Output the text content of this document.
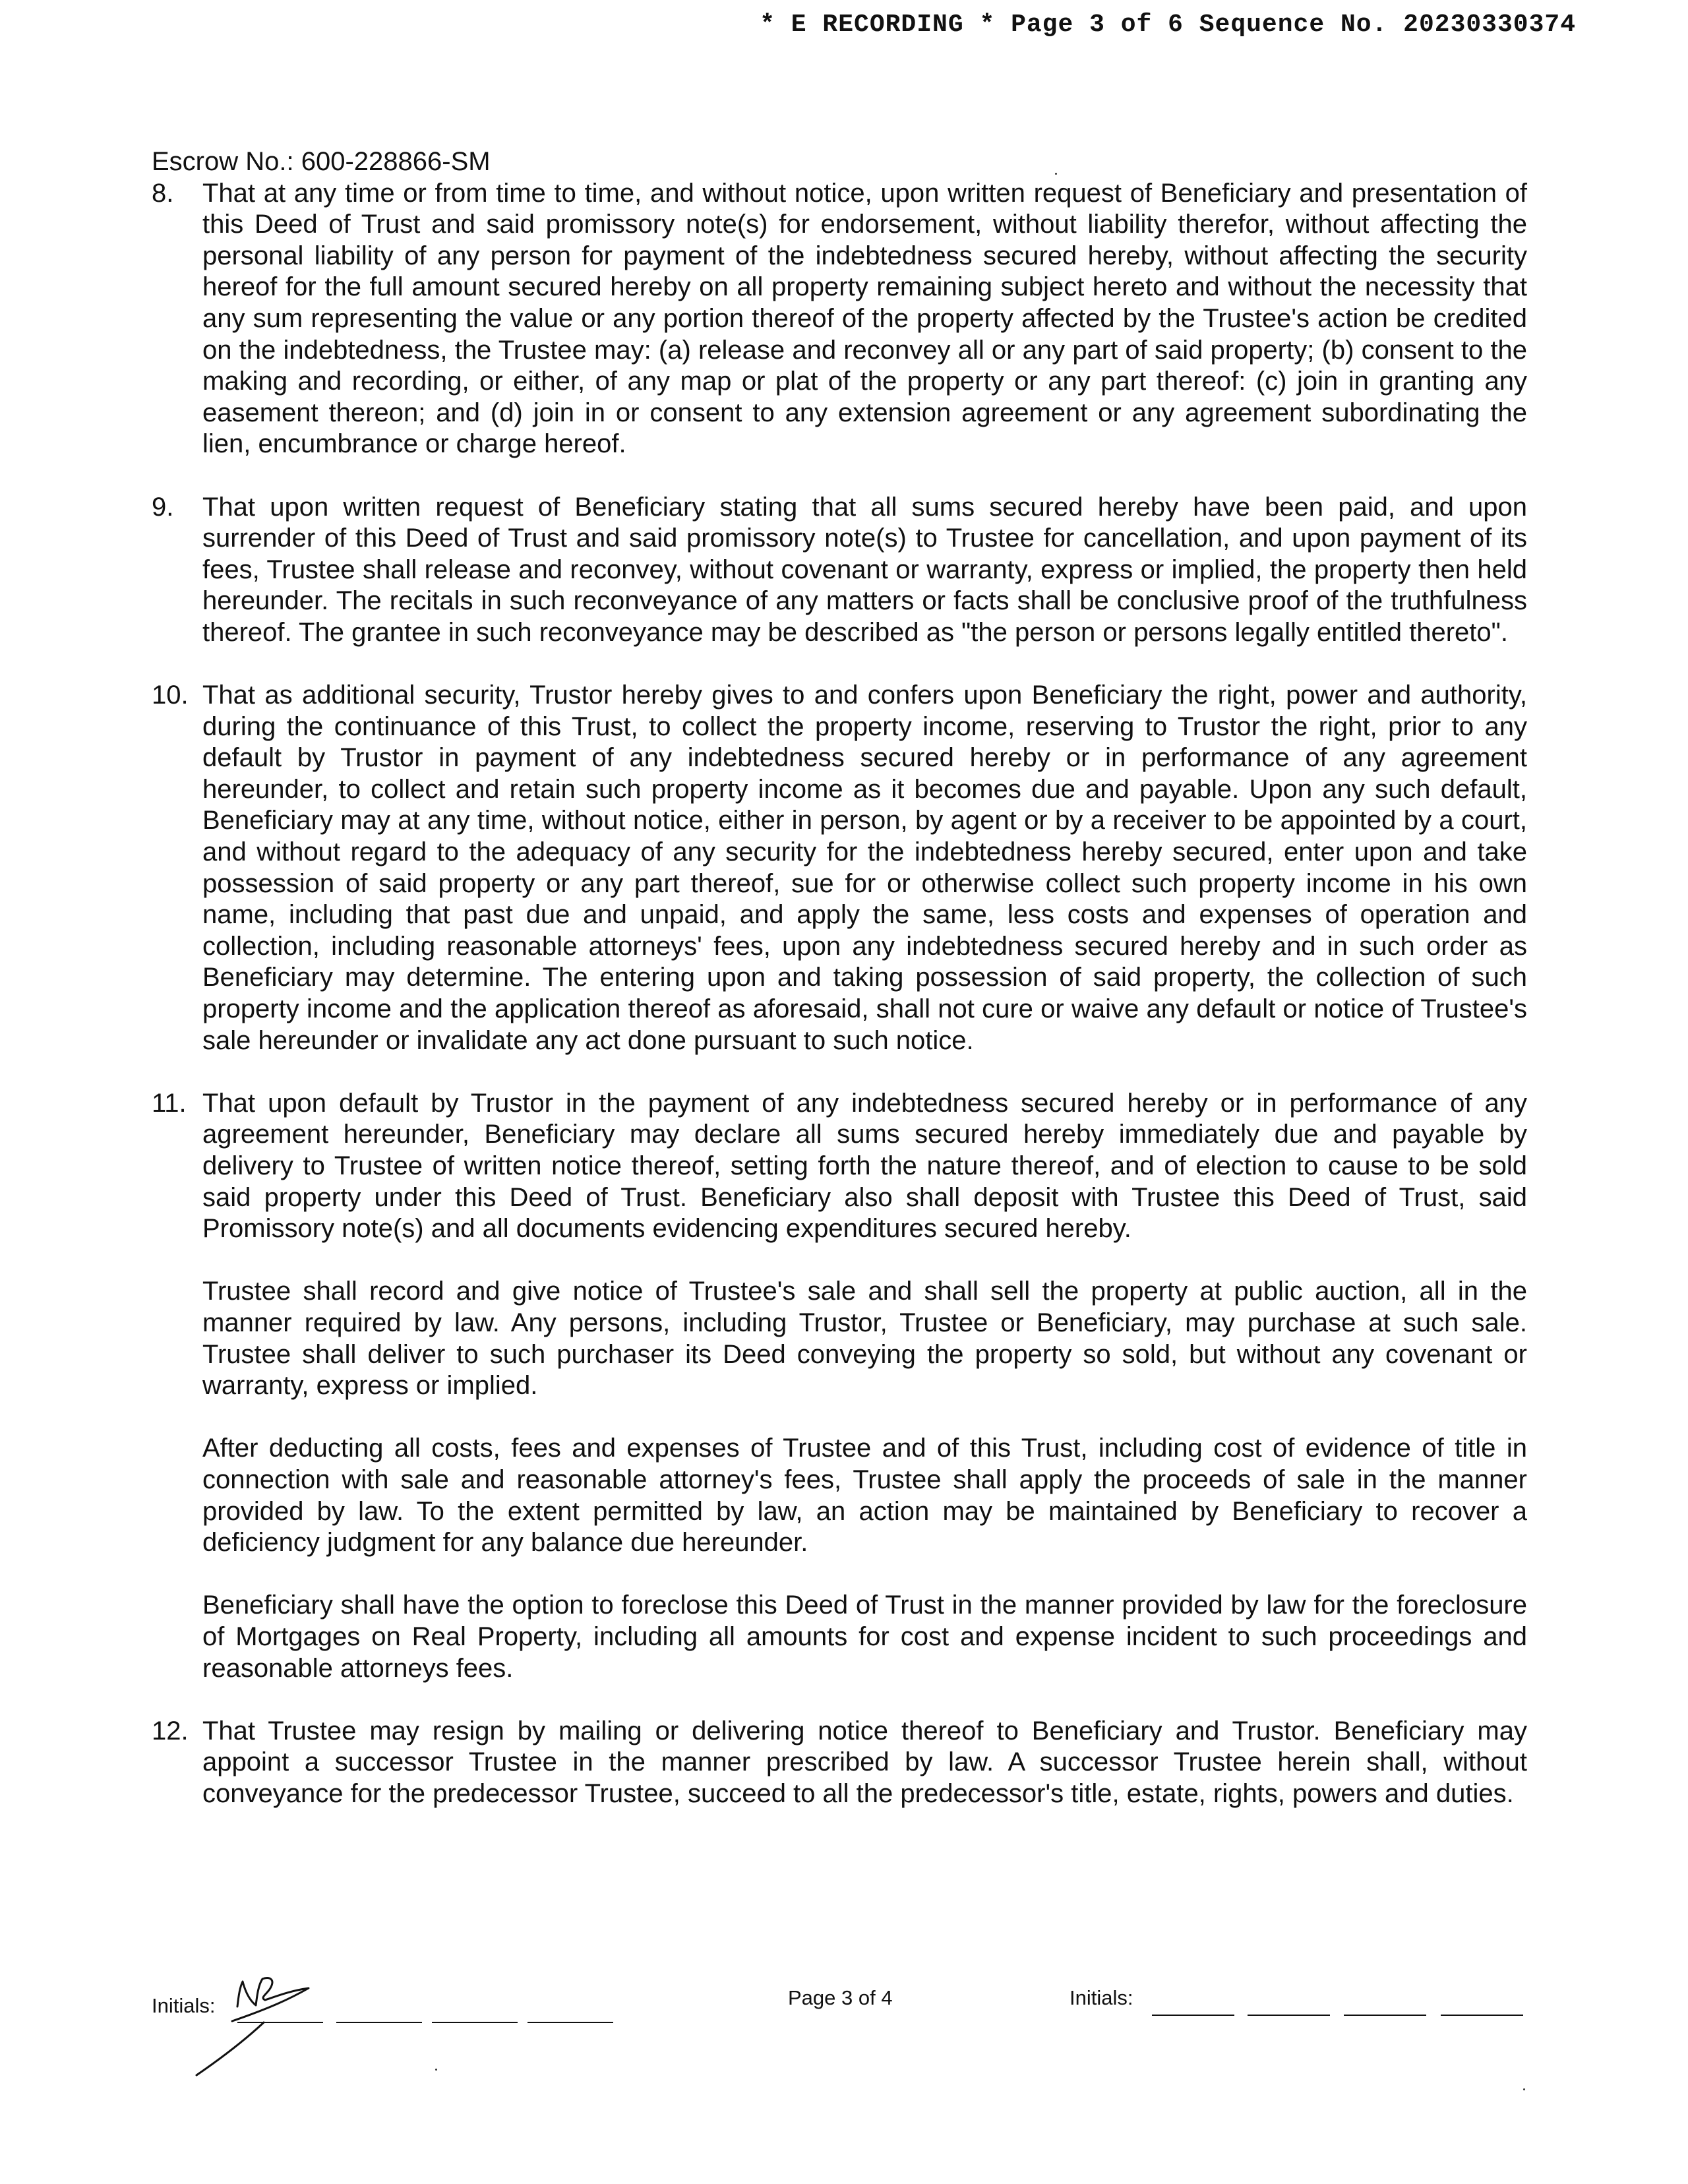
* E RECORDING * Page 3 of 6 Sequence No. 20230330374
Escrow No.: 600-228866-SM
8. That at any time or from time to time, and without notice, upon written request of Beneficiary and presentation of this Deed of Trust and said promissory note(s) for endorsement, without liability therefor, without affecting the personal liability of any person for payment of the indebtedness secured hereby, without affecting the security hereof for the full amount secured hereby on all property remaining subject hereto and without the necessity that any sum representing the value or any portion thereof of the property affected by the Trustee's action be credited on the indebtedness, the Trustee may: (a) release and reconvey all or any part of said property; (b) consent to the making and recording, or either, of any map or plat of the property or any part thereof: (c) join in granting any easement thereon; and (d) join in or consent to any extension agreement or any agreement subordinating the lien, encumbrance or charge hereof.

9. That upon written request of Beneficiary stating that all sums secured hereby have been paid, and upon surrender of this Deed of Trust and said promissory note(s) to Trustee for cancellation, and upon payment of its fees, Trustee shall release and reconvey, without covenant or warranty, express or implied, the property then held hereunder. The recitals in such reconveyance of any matters or facts shall be conclusive proof of the truthfulness thereof. The grantee in such reconveyance may be described as "the person or persons legally entitled thereto".

10. That as additional security, Trustor hereby gives to and confers upon Beneficiary the right, power and authority, during the continuance of this Trust, to collect the property income, reserving to Trustor the right, prior to any default by Trustor in payment of any indebtedness secured hereby or in performance of any agreement hereunder, to collect and retain such property income as it becomes due and payable. Upon any such default, Beneficiary may at any time, without notice, either in person, by agent or by a receiver to be appointed by a court, and without regard to the adequacy of any security for the indebtedness hereby secured, enter upon and take possession of said property or any part thereof, sue for or otherwise collect such property income in his own name, including that past due and unpaid, and apply the same, less costs and expenses of operation and collection, including reasonable attorneys' fees, upon any indebtedness secured hereby and in such order as Beneficiary may determine. The entering upon and taking possession of said property, the collection of such property income and the application thereof as aforesaid, shall not cure or waive any default or notice of Trustee's sale hereunder or invalidate any act done pursuant to such notice.

11. That upon default by Trustor in the payment of any indebtedness secured hereby or in performance of any agreement hereunder, Beneficiary may declare all sums secured hereby immediately due and payable by delivery to Trustee of written notice thereof, setting forth the nature thereof, and of election to cause to be sold said property under this Deed of Trust. Beneficiary also shall deposit with Trustee this Deed of Trust, said Promissory note(s) and all documents evidencing expenditures secured hereby.

Trustee shall record and give notice of Trustee's sale and shall sell the property at public auction, all in the manner required by law. Any persons, including Trustor, Trustee or Beneficiary, may purchase at such sale. Trustee shall deliver to such purchaser its Deed conveying the property so sold, but without any covenant or warranty, express or implied.

After deducting all costs, fees and expenses of Trustee and of this Trust, including cost of evidence of title in connection with sale and reasonable attorney's fees, Trustee shall apply the proceeds of sale in the manner provided by law. To the extent permitted by law, an action may be maintained by Beneficiary to recover a deficiency judgment for any balance due hereunder.

Beneficiary shall have the option to foreclose this Deed of Trust in the manner provided by law for the foreclosure of Mortgages on Real Property, including all amounts for cost and expense incident to such proceedings and reasonable attorneys fees.

12. That Trustee may resign by mailing or delivering notice thereof to Beneficiary and Trustor. Beneficiary may appoint a successor Trustee in the manner prescribed by law. A successor Trustee herein shall, without conveyance for the predecessor Trustee, succeed to all the predecessor's title, estate, rights, powers and duties.

Initials:	Page 3 of 4	Initials:
